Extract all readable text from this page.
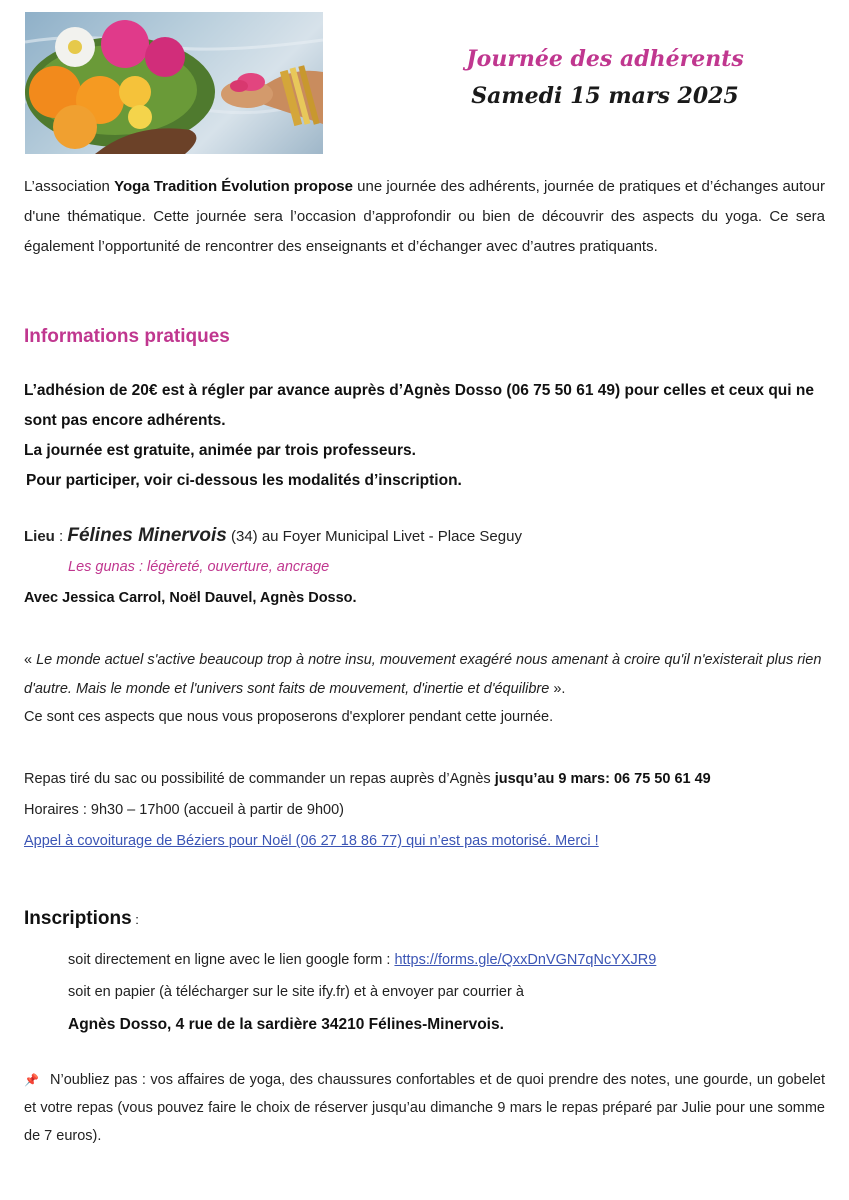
Journée des adhérents
Samedi 15 mars 2025
L’association Yoga Tradition Évolution propose une journée des adhérents, journée de pratiques et d’échanges autour d'une thématique. Cette journée sera l’occasion d’approfondir ou bien de découvrir des aspects du yoga. Ce sera également l’opportunité de rencontrer des enseignants et d’échanger avec d’autres pratiquants.
Informations pratiques
L’adhésion de 20€ est à régler par avance auprès d’Agnès Dosso (06 75 50 61 49) pour celles et ceux qui ne sont pas encore adhérents.
La journée est gratuite, animée par trois professeurs.
Pour participer, voir ci-dessous les modalités d’inscription.
Lieu : Félines Minervois (34) au Foyer Municipal Livet - Place Seguy
Les gunas : légèreté, ouverture, ancrage
Avec Jessica Carrol, Noël Dauvel, Agnès Dosso.
« Le monde actuel s'active beaucoup trop à notre insu, mouvement exagéré nous amenant à croire qu'il n'existerait plus rien d'autre. Mais le monde et l'univers sont faits de mouvement, d'inertie et d'équilibre ».
Ce sont ces aspects que nous vous proposerons d'explorer pendant cette journée.
Repas tiré du sac ou possibilité de commander un repas auprès d’Agnès jusqu’au 9 mars: 06 75 50 61 49
Horaires : 9h30 – 17h00 (accueil à partir de 9h00)
Appel à covoiturage de Béziers pour Noël (06 27 18 86 77) qui n’est pas motorisé. Merci !
Inscriptions :
soit directement en ligne avec le lien google form : https://forms.gle/QxxDnVGN7qNcYXJR9
soit en papier (à télécharger sur le site ify.fr) et à envoyer par courrier à
Agnès Dosso, 4 rue de la sardière 34210 Félines-Minervois.
📌 N’oubliez pas : vos affaires de yoga, des chaussures confortables et de quoi prendre des notes, une gourde, un gobelet et votre repas (vous pouvez faire le choix de réserver jusqu’au dimanche 9 mars le repas préparé par Julie pour une somme de 7 euros).
